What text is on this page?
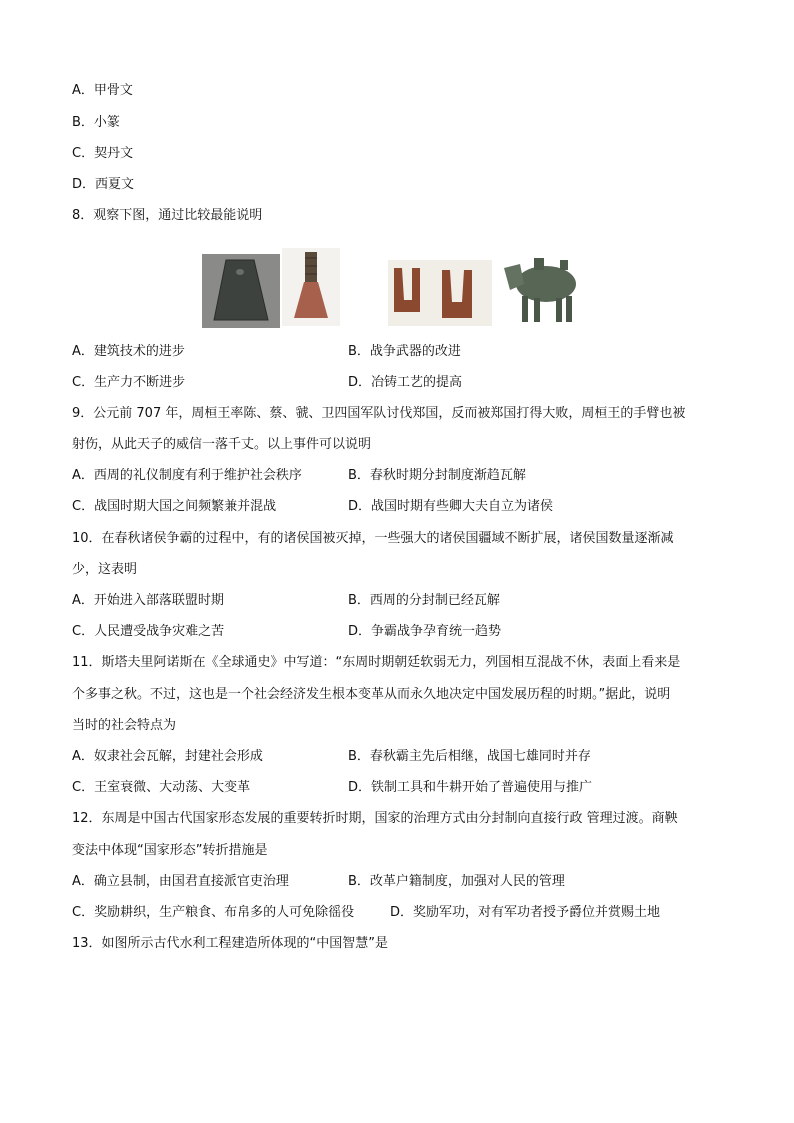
A．甲骨文
B．小篆
C．契丹文
D．西夏文
8．观察下图，通过比较最能说明
A．建筑技术的进步	B．战争武器的改进
C．生产力不断进步	D．冶铸工艺的提高
9．公元前 707 年，周桓王率陈、蔡、虢、卫四国军队讨伐郑国，反而被郑国打得大败，周桓王的手臂也被
射伤，从此天子的威信一落千丈。以上事件可以说明
A．西周的礼仪制度有利于维护社会秩序	B．春秋时期分封制度渐趋瓦解
C．战国时期大国之间频繁兼并混战	D．战国时期有些卿大夫自立为诸侯
10．在春秋诸侯争霸的过程中，有的诸侯国被灭掉，一些强大的诸侯国疆域不断扩展，诸侯国数量逐渐减
少，这表明
A．开始进入部落联盟时期	B．西周的分封制已经瓦解
C．人民遭受战争灾难之苦	D．争霸战争孕育统一趋势
11．斯塔夫里阿诺斯在《全球通史》中写道：“东周时期朝廷软弱无力，列国相互混战不休，表面上看来是
个多事之秋。不过，这也是一个社会经济发生根本变革从而永久地决定中国发展历程的时期。”据此，说明
当时的社会特点为
A．奴隶社会瓦解，封建社会形成	B．春秋霸主先后相继，战国七雄同时并存
C．王室衰微、大动荡、大变革	D．铁制工具和牛耕开始了普遍使用与推广
12．东周是中国古代国家形态发展的重要转折时期，国家的治理方式由分封制向直接行政 管理过渡。商鞅
变法中体现“国家形态”转折措施是
A．确立县制，由国君直接派官吏治理	B．改革户籍制度，加强对人民的管理
C．奖励耕织，生产粮食、布帛多的人可免除徭役	D．奖励军功，对有军功者授予爵位并赏赐土地
13．如图所示古代水利工程建造所体现的“中国智慧”是
